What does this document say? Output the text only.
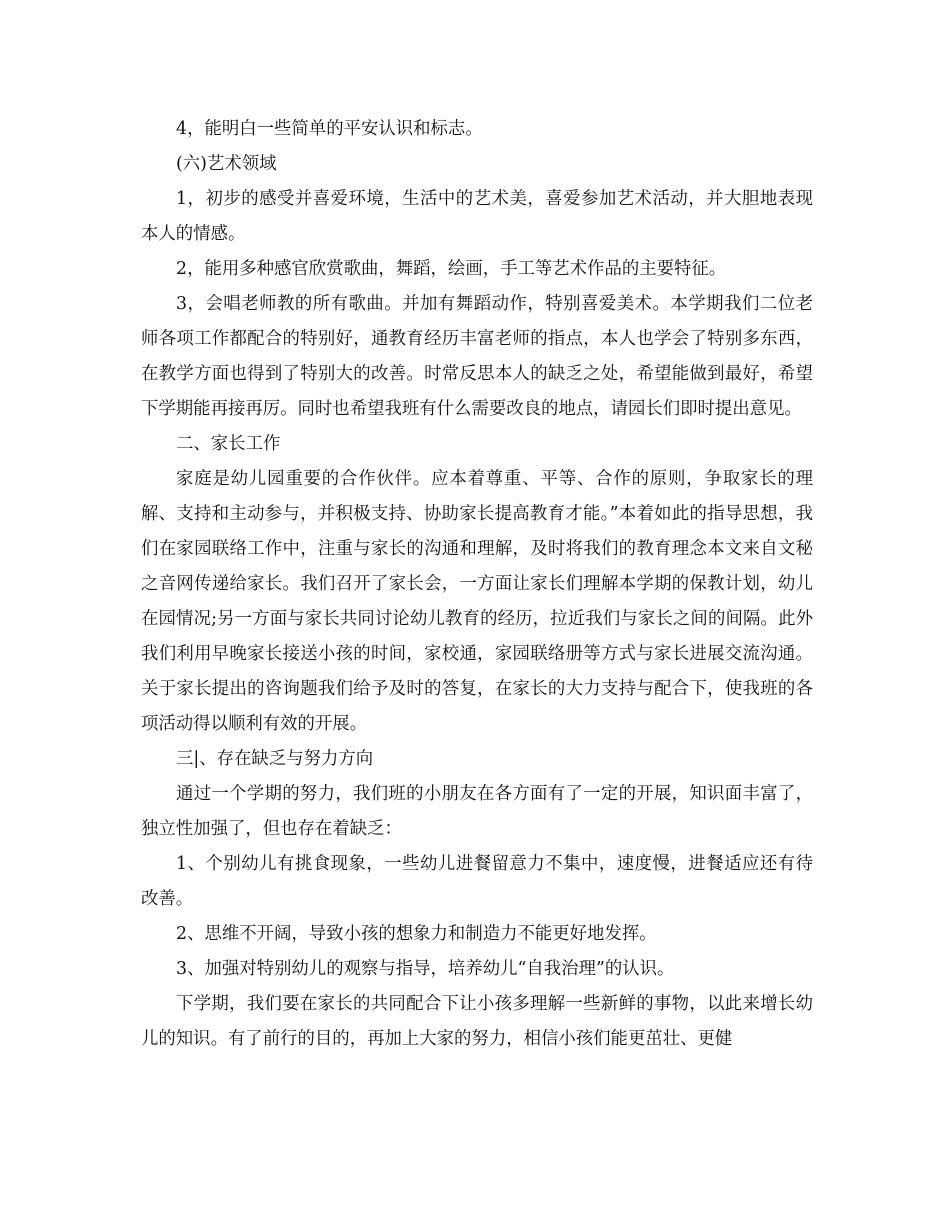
4，能明白一些简单的平安认识和标志。

(六)艺术领域

1，初步的感受并喜爱环境，生活中的艺术美，喜爱参加艺术活动，并大胆地表现本人的情感。

2，能用多种感官欣赏歌曲，舞蹈，绘画，手工等艺术作品的主要特征。

3，会唱老师教的所有歌曲。并加有舞蹈动作，特别喜爱美术。本学期我们二位老师各项工作都配合的特别好，通教育经历丰富老师的指点，本人也学会了特别多东西，在教学方面也得到了特别大的改善。时常反思本人的缺乏之处，希望能做到最好，希望下学期能再接再厉。同时也希望我班有什么需要改良的地点，请园长们即时提出意见。

二、家长工作

家庭是幼儿园重要的合作伙伴。应本着尊重、平等、合作的原则，争取家长的理解、支持和主动参与，并积极支持、协助家长提高教育才能。”本着如此的指导思想，我们在家园联络工作中，注重与家长的沟通和理解，及时将我们的教育理念本文来自文秘之音网传递给家长。我们召开了家长会，一方面让家长们理解本学期的保教计划，幼儿在园情况;另一方面与家长共同讨论幼儿教育的经历，拉近我们与家长之间的间隔。此外我们利用早晚家长接送小孩的时间，家校通，家园联络册等方式与家长进展交流沟通。关于家长提出的咨询题我们给予及时的答复，在家长的大力支持与配合下，使我班的各项活动得以顺利有效的开展。

三|、存在缺乏与努力方向

通过一个学期的努力，我们班的小朋友在各方面有了一定的开展，知识面丰富了，独立性加强了，但也存在着缺乏：

1、个别幼儿有挑食现象，一些幼儿进餐留意力不集中，速度慢，进餐适应还有待改善。

2、思维不开阔，导致小孩的想象力和制造力不能更好地发挥。

3、加强对特别幼儿的观察与指导，培养幼儿“自我治理”的认识。

下学期，我们要在家长的共同配合下让小孩多理解一些新鲜的事物，以此来增长幼儿的知识。有了前行的目的，再加上大家的努力，相信小孩们能更茁壮、更健
